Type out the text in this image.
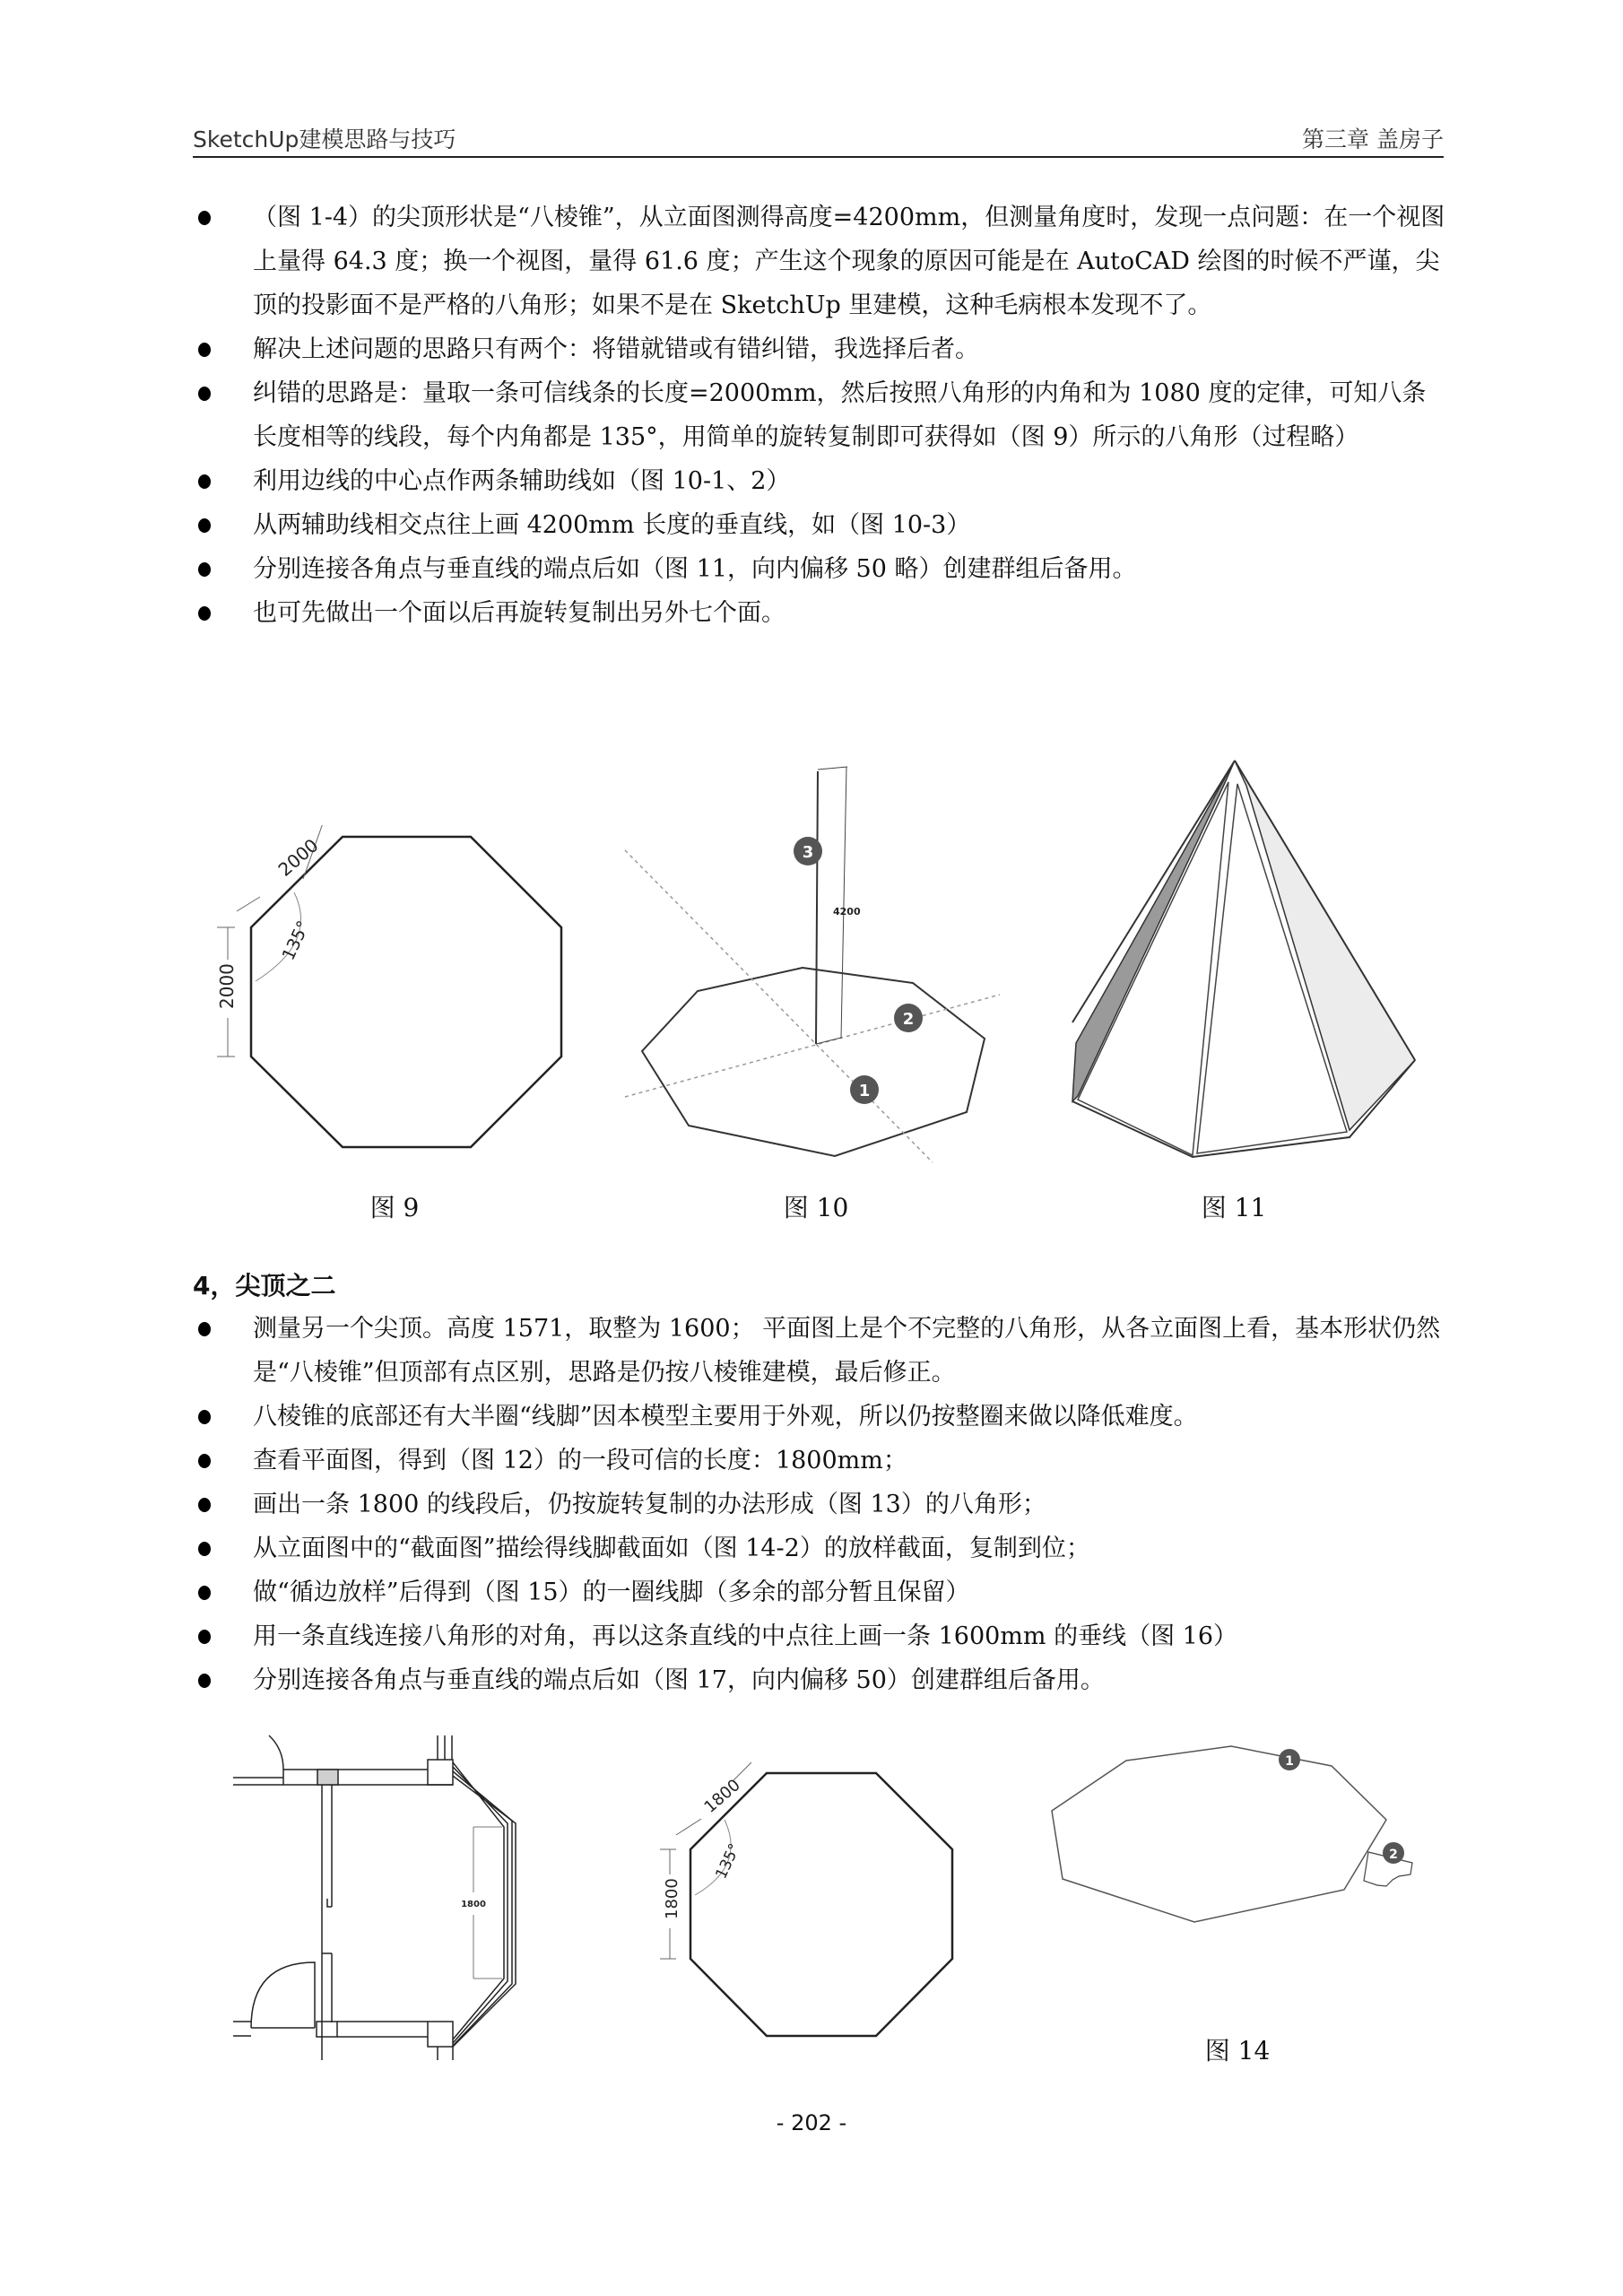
SketchUp建模思路与技巧	第三章 盖房子
（图 1-4）的尖顶形状是“八棱锥”，从立面图测得高度=4200mm，但测量角度时，发现一点问题：在一个视图上量得 64.3 度；换一个视图，量得 61.6 度；产生这个现象的原因可能是在 AutoCAD 绘图的时候不严谨，尖顶的投影面不是严格的八角形；如果不是在 SketchUp 里建模，这种毛病根本发现不了。
解决上述问题的思路只有两个：将错就错或有错纠错，我选择后者。
纠错的思路是：量取一条可信线条的长度=2000mm，然后按照八角形的内角和为 1080 度的定律，可知八条长度相等的线段，每个内角都是 135°，用简单的旋转复制即可获得如（图 9）所示的八角形（过程略）
利用边线的中心点作两条辅助线如（图 10-1、2）
从两辅助线相交点往上画 4200mm 长度的垂直线，如（图 10-3）
分别连接各角点与垂直线的端点后如（图 11，向内偏移 50 略）创建群组后备用。
也可先做出一个面以后再旋转复制出另外七个面。
2000
2000
135°
图 9
4200
3
2
1
图 10	图 11
4，尖顶之二
测量另一个尖顶。高度 1571，取整为 1600； 平面图上是个不完整的八角形，从各立面图上看，基本形状仍然是“八棱锥”但顶部有点区别，思路是仍按八棱锥建模，最后修正。
八棱锥的底部还有大半圈“线脚”因本模型主要用于外观，所以仍按整圈来做以降低难度。
查看平面图，得到（图 12）的一段可信的长度：1800mm；
画出一条 1800 的线段后，仍按旋转复制的办法形成（图 13）的八角形；
从立面图中的“截面图”描绘得线脚截面如（图 14-2）的放样截面，复制到位；
做“循边放样”后得到（图 15）的一圈线脚（多余的部分暂且保留）
用一条直线连接八角形的对角，再以这条直线的中点往上画一条 1600mm 的垂线（图 16）
分别连接各角点与垂直线的端点后如（图 17，向内偏移 50）创建群组后备用。
1800
1800
1800
135°
1
2
图 14
- 202 -
